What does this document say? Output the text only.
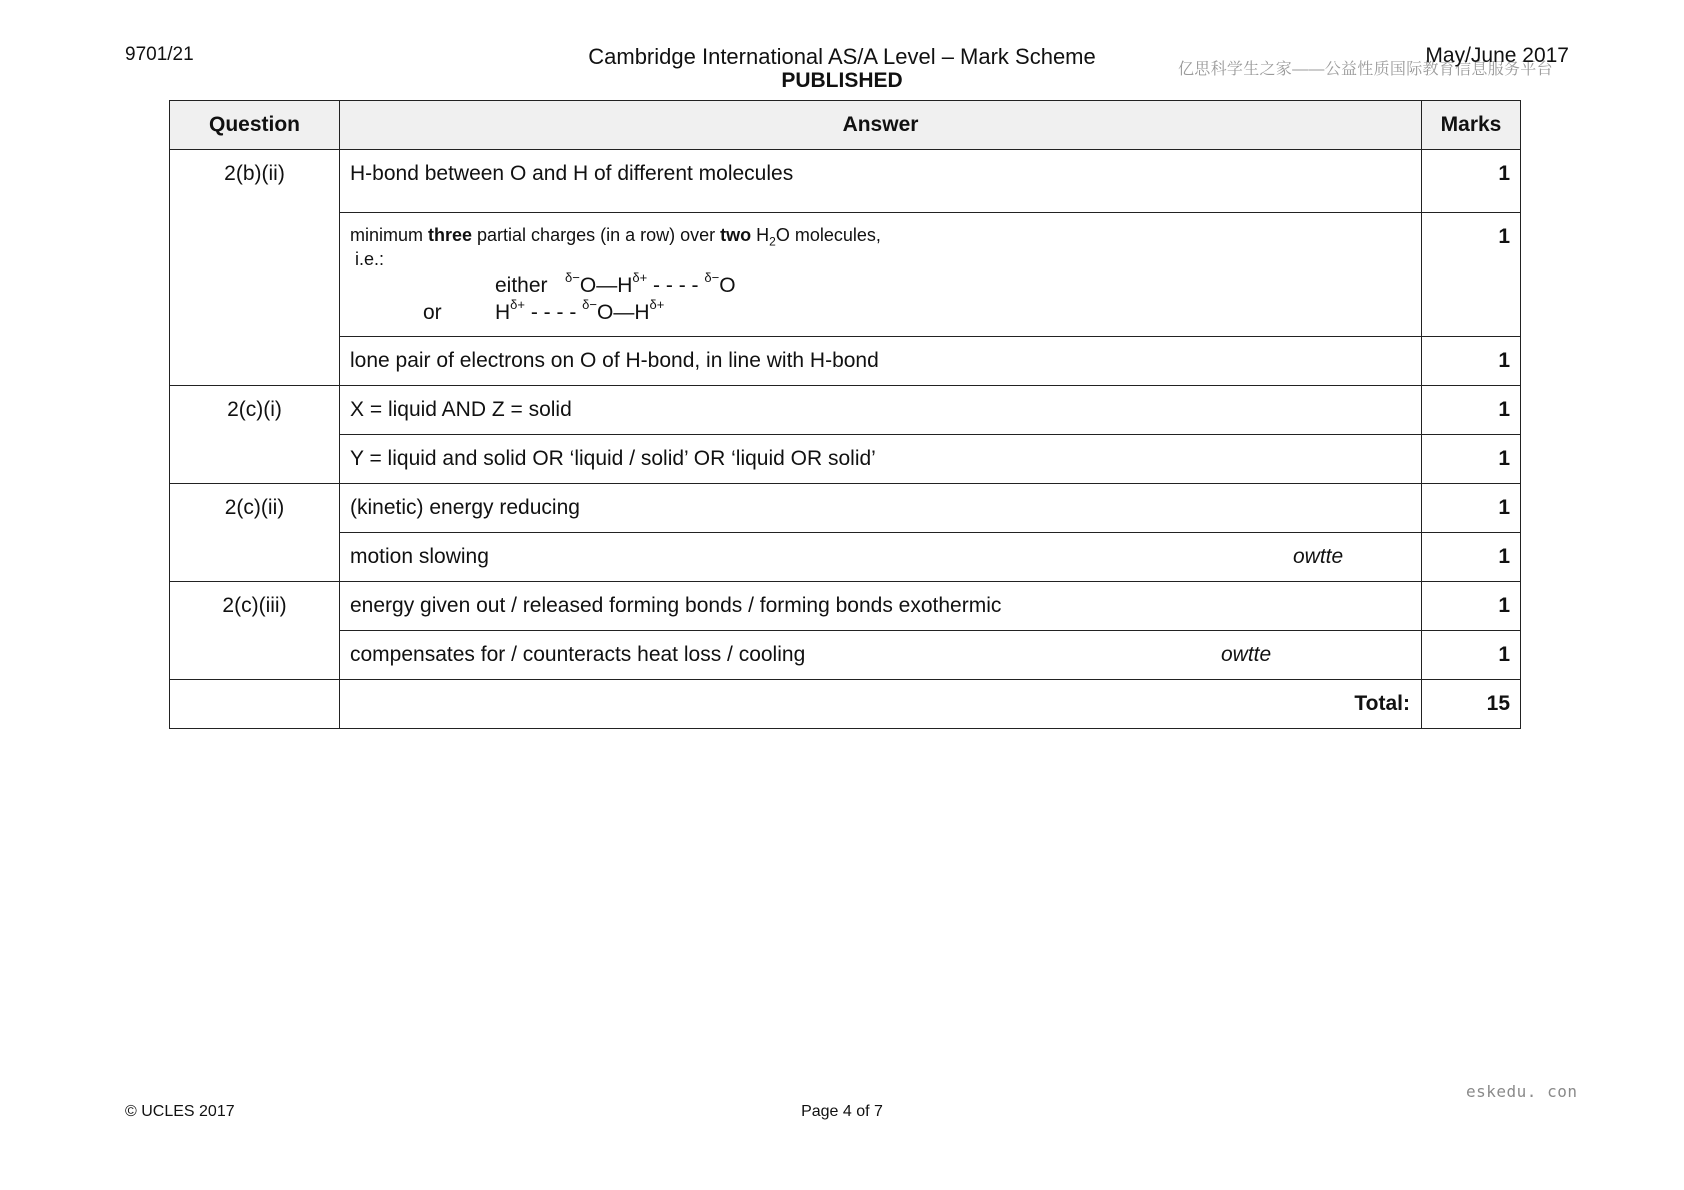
9701/21	Cambridge International AS/A Level – Mark Scheme
PUBLISHED	亿思科学生之家——公益性质国际教育信息服务平台
May/June 2017
Question	Answer	Marks
2(b)(ii)	H-bond between O and H of different molecules	1

	minimum three partial charges (in a row) over two $H_2O$ molecules,
i.e.:
either $^{\delta-}O—H^{\delta+}$ - - - - $^{\delta-}$O
or $H^{\delta+}$ - - - - $^{\delta-}O—H^{\delta+}$	1
	lone pair of electrons on O of H-bond, in line with H-bond	1
2(c)(i)	X = liquid AND Z = solid	1
	Y = liquid and solid OR ‘liquid / solid’ OR ‘liquid OR solid’	1
2(c)(ii)	(kinetic) energy reducing	1
	motion slowing owtte	1
2(c)(iii)	energy given out / released forming bonds / forming bonds exothermic	1
	compensates for / counteracts heat loss / cooling owtte	1
	Total:	15
eskedu. con
© UCLES 2017	Page 4 of 7
